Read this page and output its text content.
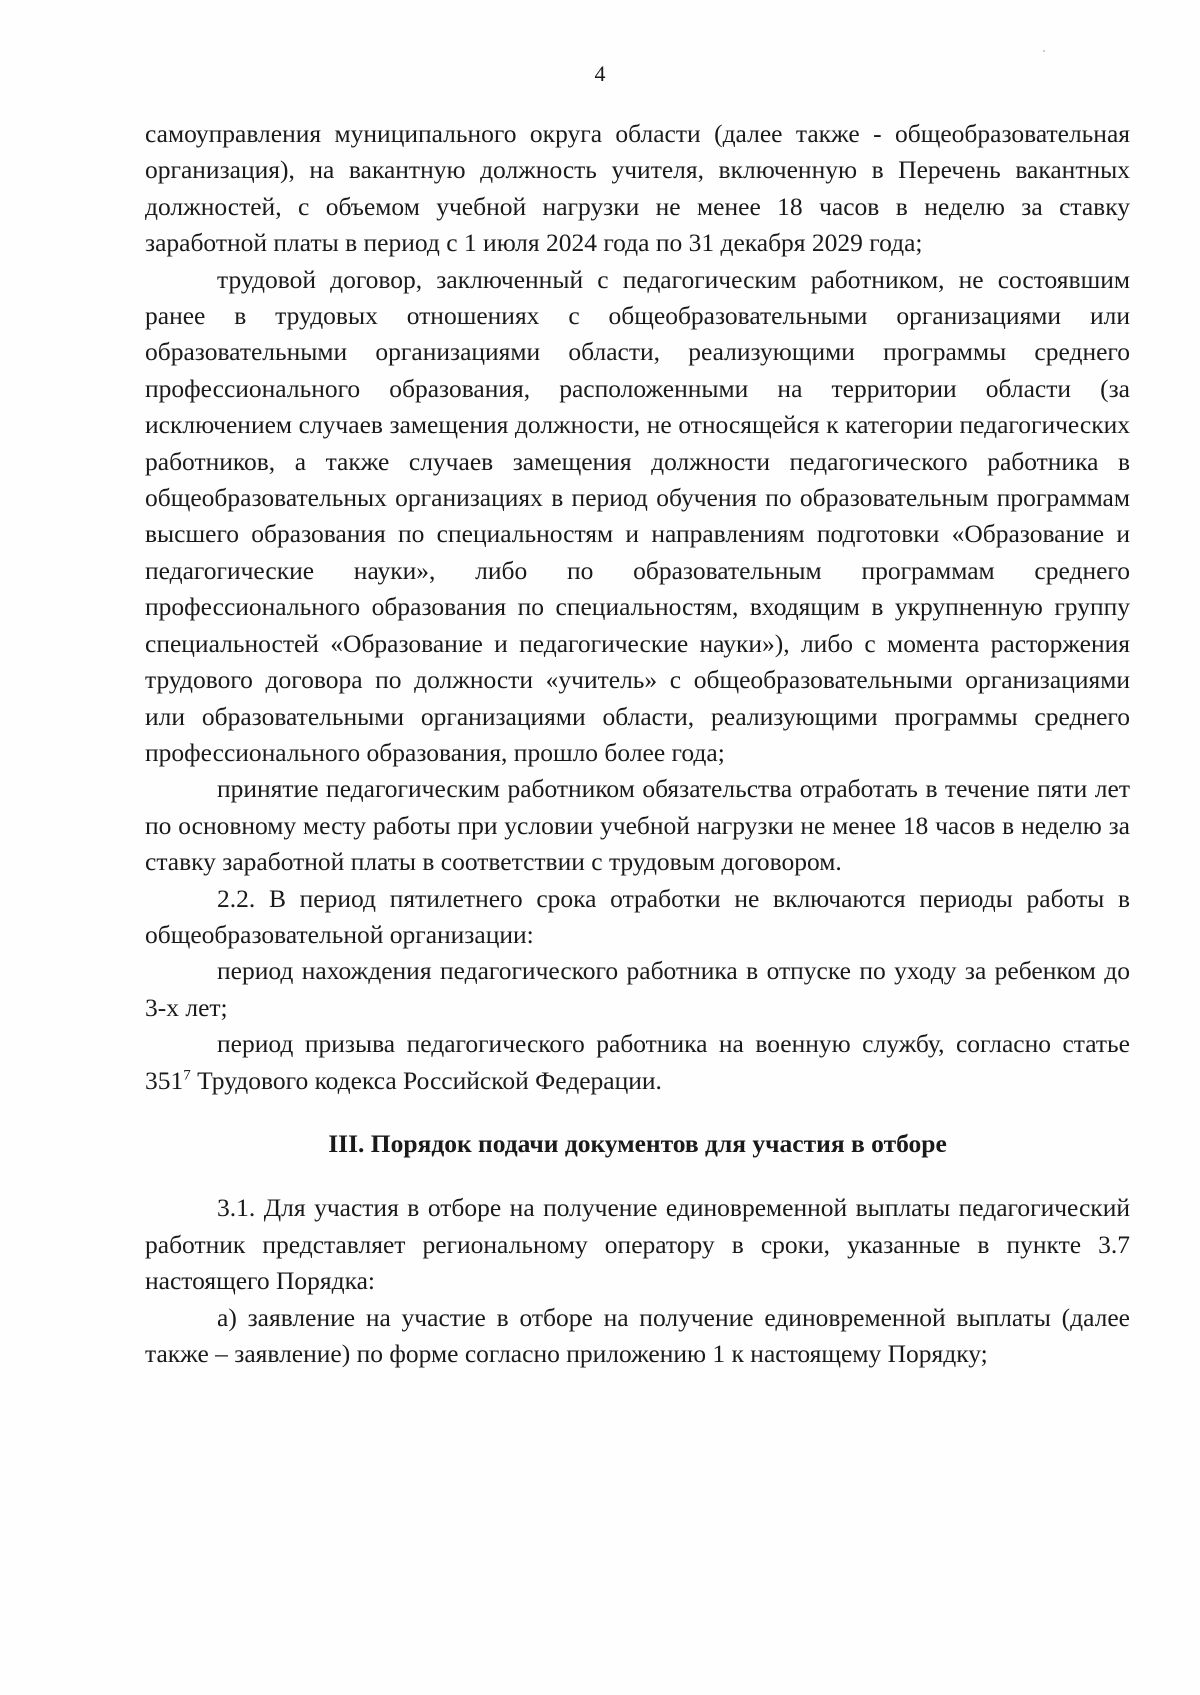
4

самоуправления муниципального округа области (далее также - общеобразовательная организация), на вакантную должность учителя, включенную в Перечень вакантных должностей, с объемом учебной нагрузки не менее 18 часов в неделю за ставку заработной платы в период с 1 июля 2024 года по 31 декабря 2029 года;

трудовой договор, заключенный с педагогическим работником, не состоявшим ранее в трудовых отношениях с общеобразовательными организациями или образовательными организациями области, реализующими программы среднего профессионального образования, расположенными на территории области (за исключением случаев замещения должности, не относящейся к категории педагогических работников, а также случаев замещения должности педагогического работника в общеобразовательных организациях в период обучения по образовательным программам высшего образования по специальностям и направлениям подготовки «Образование и педагогические науки», либо по образовательным программам среднего профессионального образования по специальностям, входящим в укрупненную группу специальностей «Образование и педагогические науки»), либо с момента расторжения трудового договора по должности «учитель» с общеобразовательными организациями или образовательными организациями области, реализующими программы среднего профессионального образования, прошло более года;

принятие педагогическим работником обязательства отработать в течение пяти лет по основному месту работы при условии учебной нагрузки не менее 18 часов в неделю за ставку заработной платы в соответствии с трудовым договором.

2.2. В период пятилетнего срока отработки не включаются периоды работы в общеобразовательной организации:

период нахождения педагогического работника в отпуске по уходу за ребенком до 3-х лет;

период призыва педагогического работника на военную службу, согласно статье $351^7$ Трудового кодекса Российской Федерации.

III. Порядок подачи документов для участия в отборе

3.1. Для участия в отборе на получение единовременной выплаты педагогический работник представляет региональному оператору в сроки, указанные в пункте 3.7 настоящего Порядка:

а) заявление на участие в отборе на получение единовременной выплаты (далее также – заявление) по форме согласно приложению 1 к настоящему Порядку;
